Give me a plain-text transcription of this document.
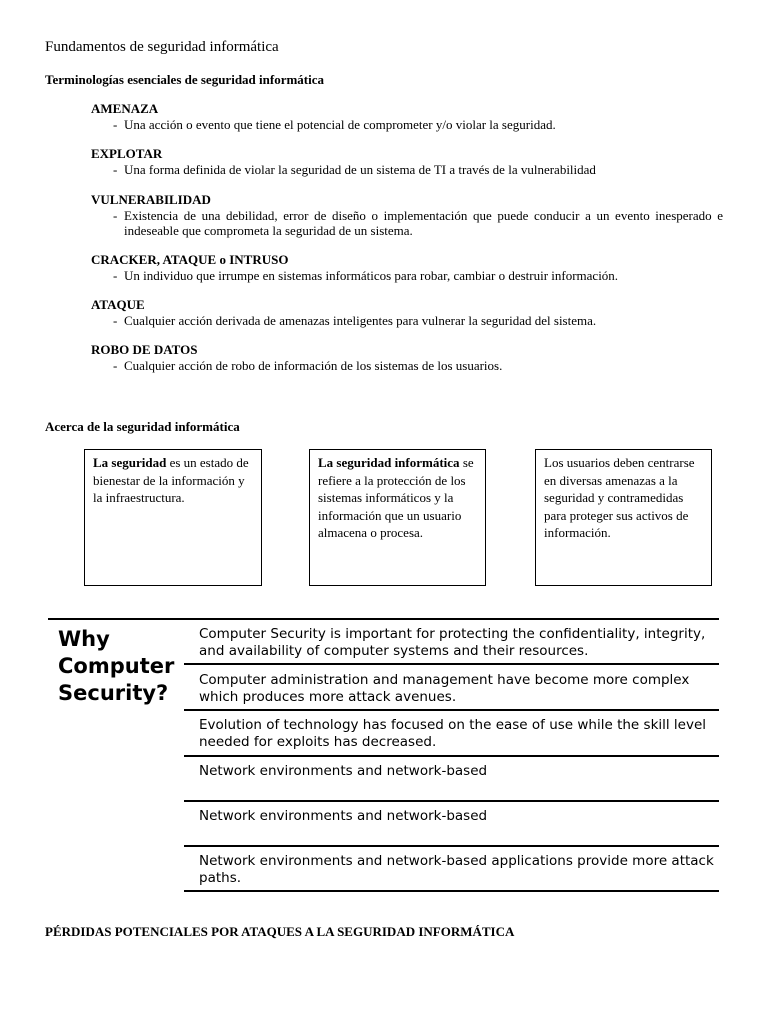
Fundamentos de seguridad informática
Terminologías esenciales de seguridad informática
AMENAZA
- Una acción o evento que tiene el potencial de comprometer y/o violar la seguridad.
EXPLOTAR
- Una forma definida de violar la seguridad de un sistema de TI a través de la vulnerabilidad
VULNERABILIDAD
- Existencia de una debilidad, error de diseño o implementación que puede conducir a un evento inesperado e indeseable que comprometa la seguridad de un sistema.
CRACKER, ATAQUE o INTRUSO
- Un individuo que irrumpe en sistemas informáticos para robar, cambiar o destruir información.
ATAQUE
- Cualquier acción derivada de amenazas inteligentes para vulnerar la seguridad del sistema.
ROBO DE DATOS
- Cualquier acción de robo de información de los sistemas de los usuarios.
Acerca de la seguridad informática
La seguridad es un estado de bienestar de la información y la infraestructura.
La seguridad informática se refiere a la protección de los sistemas informáticos y la información que un usuario almacena o procesa.
Los usuarios deben centrarse en diversas amenazas a la seguridad y contramedidas para proteger sus activos de información.
Why Computer Security?
Computer Security is important for protecting the confidentiality, integrity, and availability of computer systems and their resources.
Computer administration and management have become more complex which produces more attack avenues.
Evolution of technology has focused on the ease of use while the skill level needed for exploits has decreased.
Network environments and network-based
Network environments and network-based
Network environments and network-based applications provide more attack paths.
PÉRDIDAS POTENCIALES POR ATAQUES A LA SEGURIDAD INFORMÁTICA
